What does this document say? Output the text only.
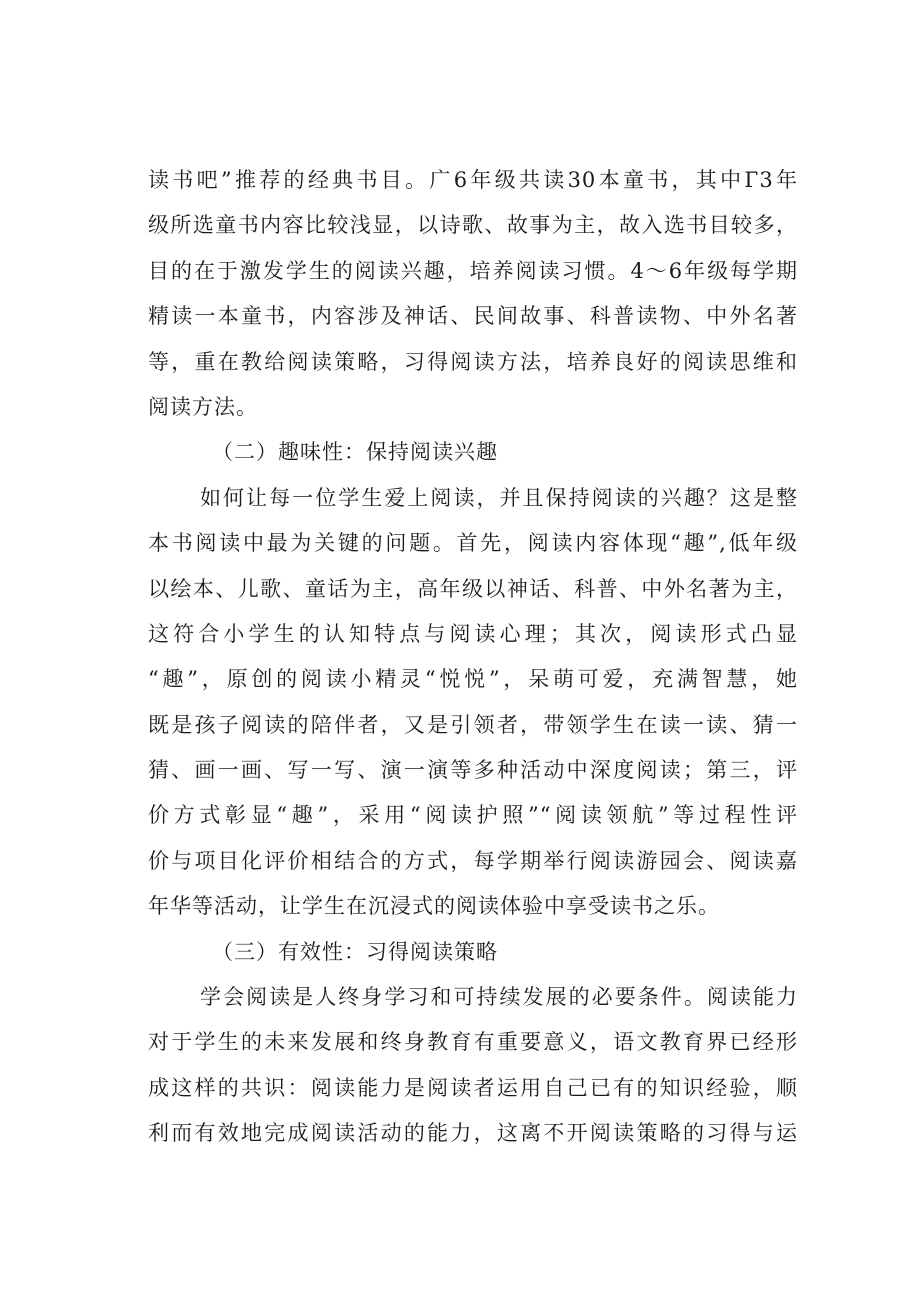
读书吧”推荐的经典书目。广6年级共读30本童书，其中Г3年
级所选童书内容比较浅显，以诗歌、故事为主，故入选书目较多，
目的在于激发学生的阅读兴趣，培养阅读习惯。4〜6年级每学期
精读一本童书，内容涉及神话、民间故事、科普读物、中外名著
等，重在教给阅读策略，习得阅读方法，培养良好的阅读思维和
阅读方法。
（二）趣味性：保持阅读兴趣
如何让每一位学生爱上阅读，并且保持阅读的兴趣？这是整
本书阅读中最为关键的问题。首先，阅读内容体现“趣”,低年级
以绘本、儿歌、童话为主，高年级以神话、科普、中外名著为主，
这符合小学生的认知特点与阅读心理；其次，阅读形式凸显
“趣”，原创的阅读小精灵“悦悦”，呆萌可爱，充满智慧，她
既是孩子阅读的陪伴者，又是引领者，带领学生在读一读、猜一
猜、画一画、写一写、演一演等多种活动中深度阅读；第三，评
价方式彰显“趣”，采用“阅读护照”“阅读领航”等过程性评
价与项目化评价相结合的方式，每学期举行阅读游园会、阅读嘉
年华等活动，让学生在沉浸式的阅读体验中享受读书之乐。
（三）有效性：习得阅读策略
学会阅读是人终身学习和可持续发展的必要条件。阅读能力
对于学生的未来发展和终身教育有重要意义，语文教育界已经形
成这样的共识：阅读能力是阅读者运用自己已有的知识经验，顺
利而有效地完成阅读活动的能力，这离不开阅读策略的习得与运
